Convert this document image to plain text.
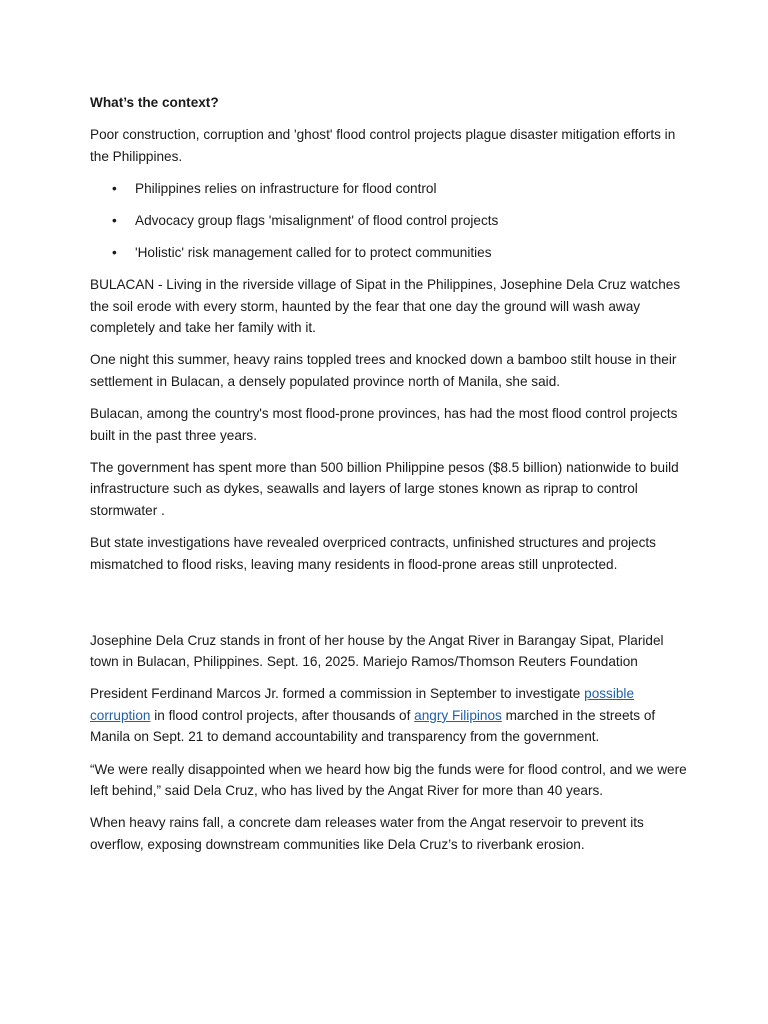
What’s the context?

Poor construction, corruption and 'ghost' flood control projects plague disaster mitigation efforts in the Philippines.

• Philippines relies on infrastructure for flood control
• Advocacy group flags 'misalignment' of flood control projects
• 'Holistic' risk management called for to protect communities

BULACAN - Living in the riverside village of Sipat in the Philippines, Josephine Dela Cruz watches the soil erode with every storm, haunted by the fear that one day the ground will wash away completely and take her family with it.

One night this summer, heavy rains toppled trees and knocked down a bamboo stilt house in their settlement in Bulacan, a densely populated province north of Manila, she said.

Bulacan, among the country's most flood-prone provinces, has had the most flood control projects built in the past three years.

The government has spent more than 500 billion Philippine pesos ($8.5 billion) nationwide to build infrastructure such as dykes, seawalls and layers of large stones known as riprap to control stormwater .

But state investigations have revealed overpriced contracts, unfinished structures and projects mismatched to flood risks, leaving many residents in flood-prone areas still unprotected.

Josephine Dela Cruz stands in front of her house by the Angat River in Barangay Sipat, Plaridel town in Bulacan, Philippines. Sept. 16, 2025. Mariejo Ramos/Thomson Reuters Foundation

President Ferdinand Marcos Jr. formed a commission in September to investigate possible corruption in flood control projects, after thousands of angry Filipinos marched in the streets of Manila on Sept. 21 to demand accountability and transparency from the government.

“We were really disappointed when we heard how big the funds were for flood control, and we were left behind,” said Dela Cruz, who has lived by the Angat River for more than 40 years.

When heavy rains fall, a concrete dam releases water from the Angat reservoir to prevent its overflow, exposing downstream communities like Dela Cruz’s to riverbank erosion.
